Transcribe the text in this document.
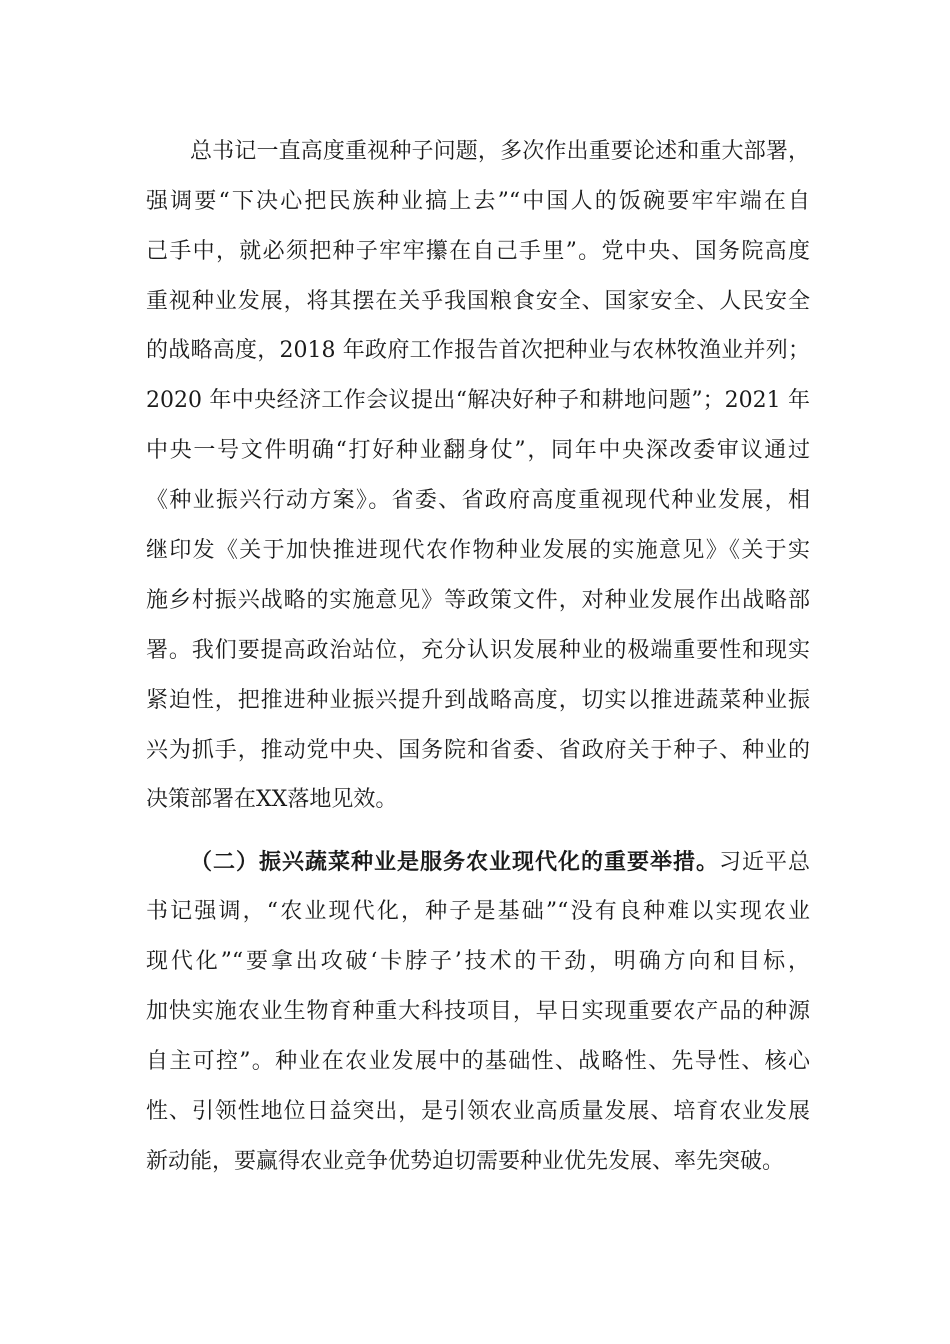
总书记一直高度重视种子问题，多次作出重要论述和重大部署，
强调要“下决心把民族种业搞上去”“中国人的饭碗要牢牢端在自
己手中，就必须把种子牢牢攥在自己手里”。党中央、国务院高度
重视种业发展，将其摆在关乎我国粮食安全、国家安全、人民安全
的战略高度，2018 年政府工作报告首次把种业与农林牧渔业并列；
2020 年中央经济工作会议提出“解决好种子和耕地问题”；2021 年
中央一号文件明确“打好种业翻身仗”，同年中央深改委审议通过
《种业振兴行动方案》。省委、省政府高度重视现代种业发展，相
继印发《关于加快推进现代农作物种业发展的实施意见》《关于实
施乡村振兴战略的实施意见》等政策文件，对种业发展作出战略部
署。我们要提高政治站位，充分认识发展种业的极端重要性和现实
紧迫性，把推进种业振兴提升到战略高度，切实以推进蔬菜种业振
兴为抓手，推动党中央、国务院和省委、省政府关于种子、种业的
决策部署在XX落地见效。
（二）振兴蔬菜种业是服务农业现代化的重要举措。习近平总
书记强调，“农业现代化，种子是基础”“没有良种难以实现农业
现代化”“要拿出攻破‘卡脖子’技术的干劲，明确方向和目标，
加快实施农业生物育种重大科技项目，早日实现重要农产品的种源
自主可控”。种业在农业发展中的基础性、战略性、先导性、核心
性、引领性地位日益突出，是引领农业高质量发展、培育农业发展
新动能，要赢得农业竞争优势迫切需要种业优先发展、率先突破。
